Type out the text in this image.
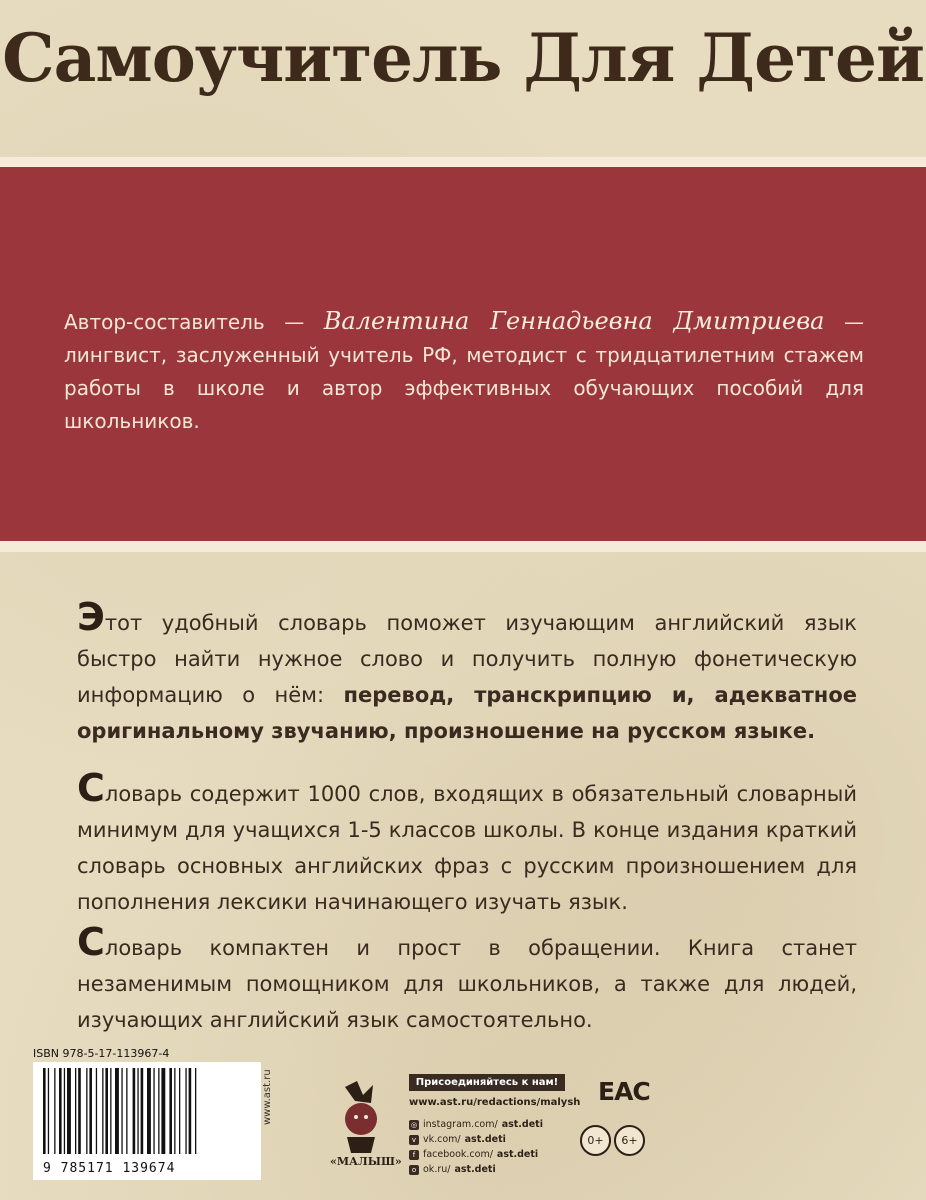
Самоучитель Для Детей
Автор-составитель — Валентина Геннадьевна Дмитриева — лингвист, заслуженный учитель РФ, методист с тридцатилетним стажем работы в школе и автор эффективных обучающих пособий для школьников.
Этот удобный словарь поможет изучающим английский язык быстро найти нужное слово и получить полную фонетическую информацию о нём: перевод, транскрипцию и, адекватное оригинальному звучанию, произношение на русском языке.
Словарь содержит 1000 слов, входящих в обязательный словарный минимум для учащихся 1-5 классов школы. В конце издания краткий словарь основных английских фраз с русским произношением для пополнения лексики начинающего изучать язык.
Словарь компактен и прост в обращении. Книга станет незаменимым помощником для школьников, а также для людей, изучающих английский язык самостоятельно.
ISBN 978-5-17-113967-4
9 785171 139674
www.ast.ru
«МАЛЫШ»
Присоединяйтесь к нам!
www.ast.ru/redactions/malysh
◎ instagram.com/ ast.deti
v vk.com/ ast.deti
f facebook.com/ ast.deti
o ok.ru/ ast.deti
EAC
0+	6+
